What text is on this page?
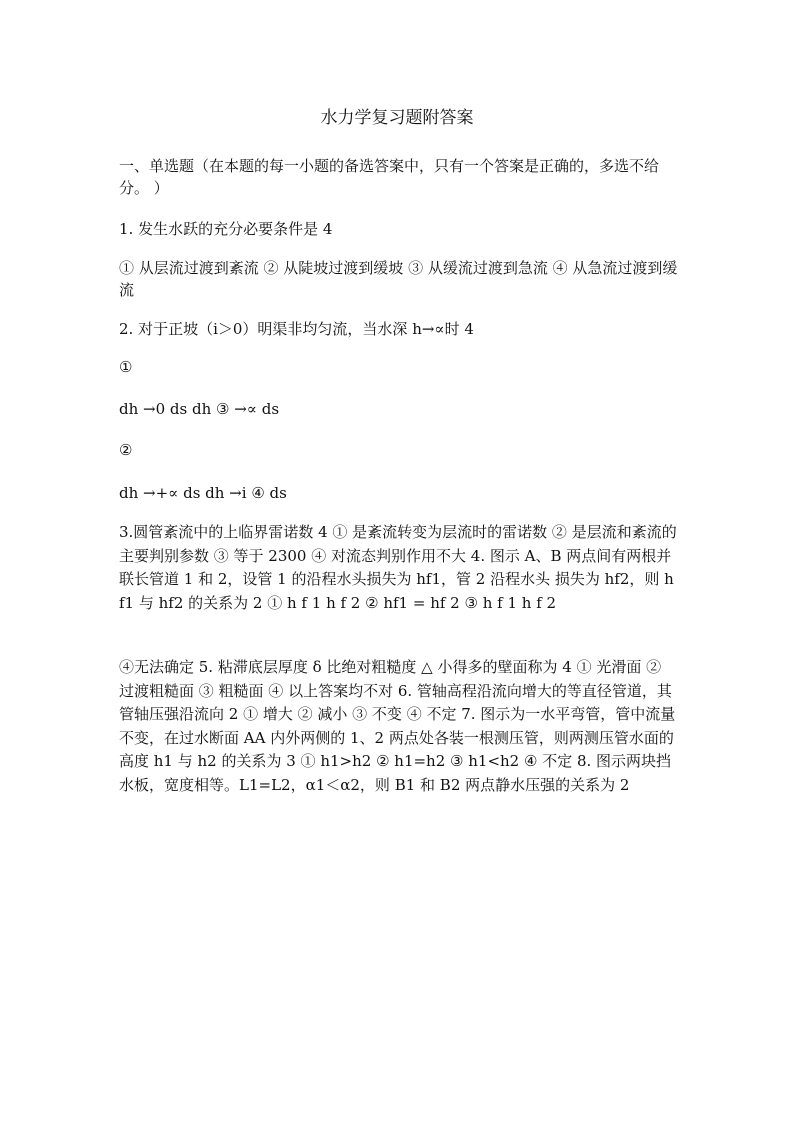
水力学复习题附答案

一、单选题（在本题的每一小题的备选答案中，只有一个答案是正确的，多选不给分。 ）

1. 发生水跃的充分必要条件是 4

① 从层流过渡到紊流 ② 从陡坡过渡到缓坡 ③ 从缓流过渡到急流 ④ 从急流过渡到缓流

2. 对于正坡（i＞0）明渠非均匀流，当水深 h→∝时 4

①

dh →0 ds dh ③ →∝ ds

②

dh →+∝ ds dh →i ④ ds

3.圆管紊流中的上临界雷诺数 4 ① 是紊流转变为层流时的雷诺数 ② 是层流和紊流的主要判别参数 ③ 等于 2300 ④ 对流态判别作用不大 4. 图示 A、B 两点间有两根并联长管道 1 和 2，设管 1 的沿程水头损失为 hf1，管 2 沿程水头 损失为 hf2，则 hf1 与 hf2 的关系为 2 ① h f 1 h f 2 ② hf1 = hf 2 ③ h f 1 h f 2

④无法确定 5. 粘滞底层厚度 δ 比绝对粗糙度 △ 小得多的壁面称为 4 ① 光滑面 ② 过渡粗糙面 ③ 粗糙面 ④ 以上答案均不对 6. 管轴高程沿流向增大的等直径管道，其管轴压强沿流向 2 ① 增大 ② 减小 ③ 不变 ④ 不定 7. 图示为一水平弯管，管中流量不变，在过水断面 AA 内外两侧的 1、2 两点处各装一根测压管，则两测压管水面的高度 h1 与 h2 的关系为 3 ① h1>h2 ② h1=h2 ③ h1<h2 ④ 不定 8. 图示两块挡水板，宽度相等。L1=L2，α1＜α2，则 B1 和 B2 两点静水压强的关系为 2
